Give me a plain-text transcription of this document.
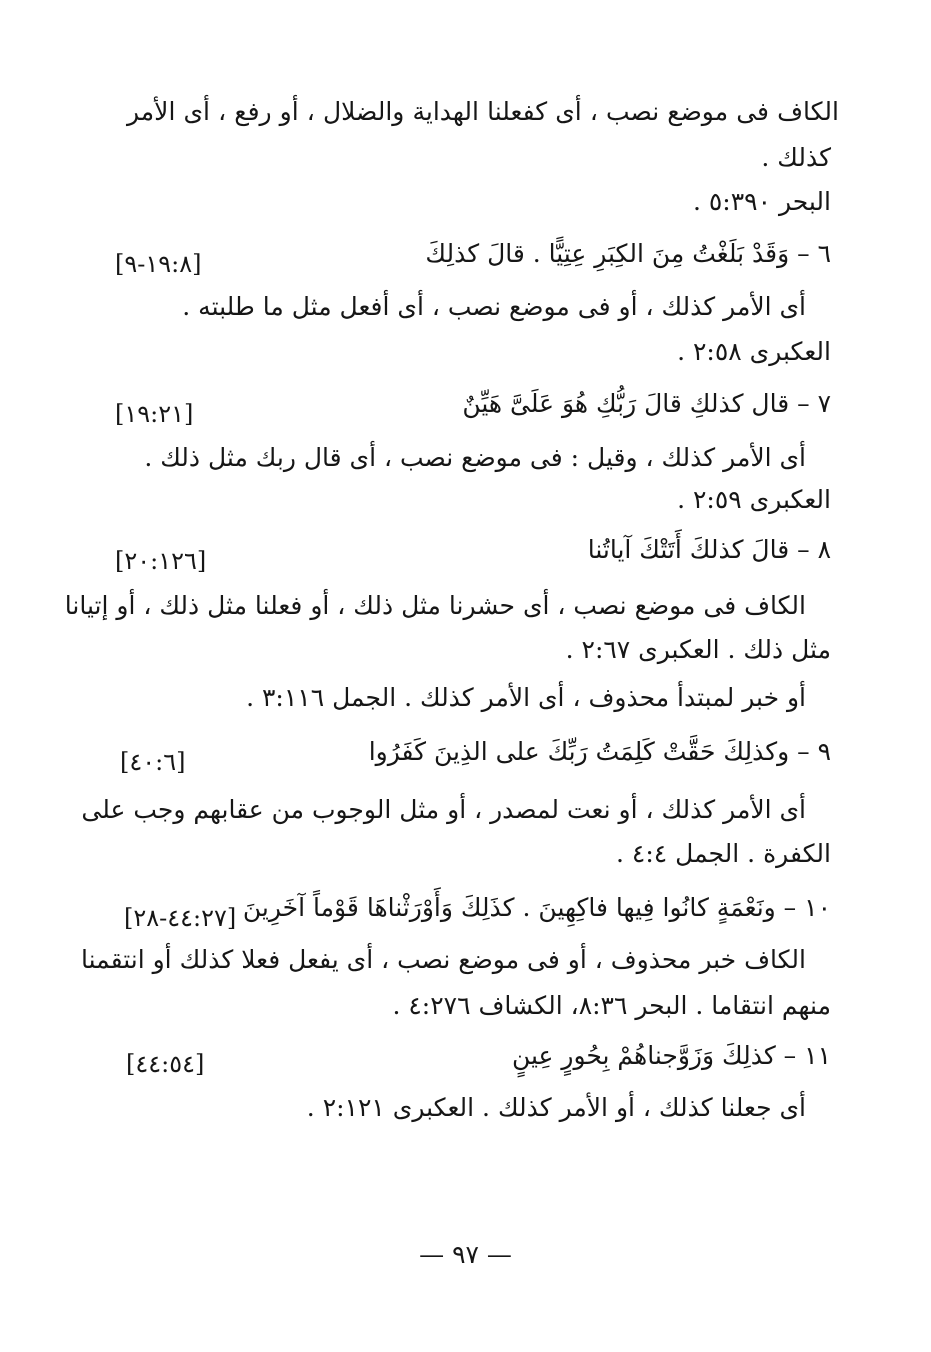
الكاف فى موضع نصب ، أى كفعلنا الهداية والضلال ، أو رفع ، أى الأمر

كذلك .

البحر ٥:٣٩٠ .

٦ – وَقَدْ بَلَغْتُ مِنَ الكِبَرِ عِتِيًّا . قالَ كذلِكَ

[١٩:٨-٩]

أى الأمر كذلك ، أو فى موضع نصب ، أى أفعل مثل ما طلبته .

العكبرى ٢:٥٨ .

٧ – قال كذلكِ قالَ رَبُّكِ هُوَ عَلَىَّ هَيِّنٌ

[١٩:٢١]

أى الأمر كذلك ، وقيل : فى موضع نصب ، أى قال ربك مثل ذلك .

العكبرى ٢:٥٩ .

٨ – قالَ كذلكَ أَتَتْكَ آياتُنا

[٢٠:١٢٦]

الكاف فى موضع نصب ، أى حشرنا مثل ذلك ، أو فعلنا مثل ذلك ، أو إتيانا

مثل ذلك . العكبرى ٢:٦٧ .

أو خبر لمبتدأ محذوف ، أى الأمر كذلك . الجمل ٣:١١٦ .

٩ – وكذلِكَ حَقَّتْ كَلِمَتُ رَبِّكَ على الذِينَ كَفَرُوا

[٤٠:٦]

أى الأمر كذلك ، أو نعت لمصدر ، أو مثل الوجوب من عقابهم وجب على

الكفرة . الجمل ٤:٤ .

١٠ – ونَعْمَةٍ كانُوا فِيها فاكِهِينَ . كذَلِكَ وَأَوْرَثْناهَا قَوْماً آخَرِينَ

[٤٤:٢٧-٢٨]

الكاف خبر محذوف ، أو فى موضع نصب ، أى يفعل فعلا كذلك أو انتقمنا

منهم انتقاما . البحر ٨:٣٦، الكشاف ٤:٢٧٦ .

١١ – كذلِكَ وَزَوَّجناهُمْ بِحُورٍ عِينٍ

[٤٤:٥٤]

أى جعلنا كذلك ، أو الأمر كذلك . العكبرى ٢:١٢١ .

— ٩٧ —
